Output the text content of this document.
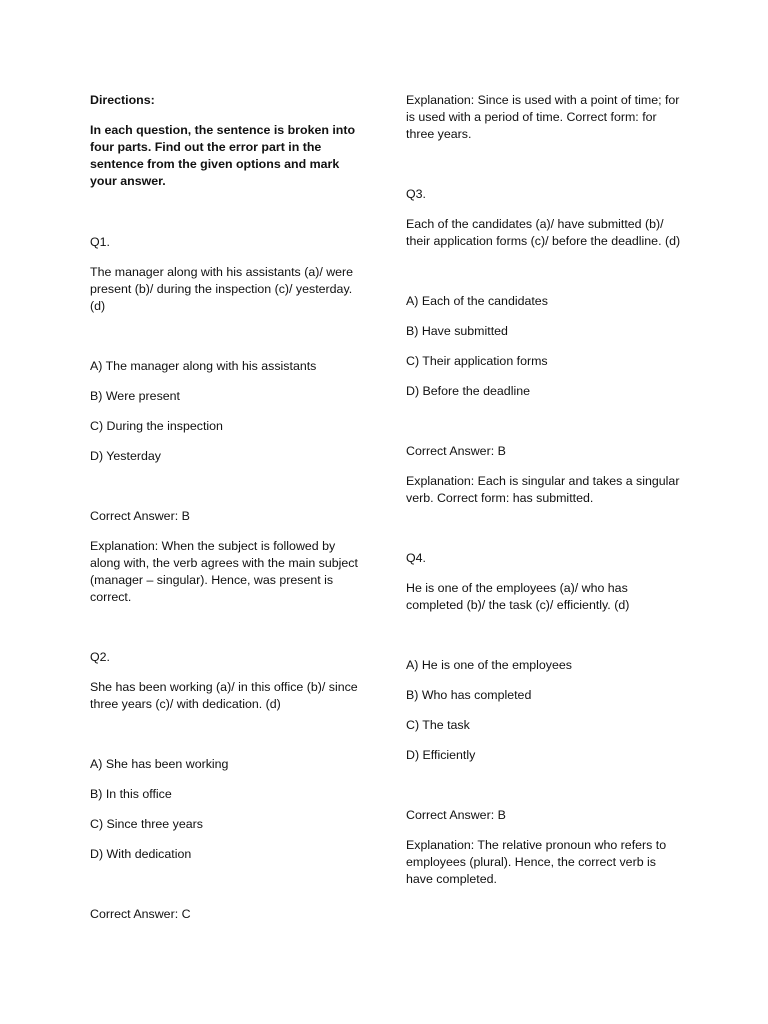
Directions:

In each question, the sentence is broken into four parts. Find out the error part in the sentence from the given options and mark your answer.

Q1.

The manager along with his assistants (a)/ were present (b)/ during the inspection (c)/ yesterday. (d)

A) The manager along with his assistants

B) Were present

C) During the inspection

D) Yesterday

Correct Answer: B

Explanation: When the subject is followed by along with, the verb agrees with the main subject (manager – singular). Hence, was present is correct.

Q2.

She has been working (a)/ in this office (b)/ since three years (c)/ with dedication. (d)

A) She has been working

B) In this office

C) Since three years

D) With dedication

Correct Answer: C

Explanation: Since is used with a point of time; for is used with a period of time. Correct form: for three years.

Q3.

Each of the candidates (a)/ have submitted (b)/ their application forms (c)/ before the deadline. (d)

A) Each of the candidates

B) Have submitted

C) Their application forms

D) Before the deadline

Correct Answer: B

Explanation: Each is singular and takes a singular verb. Correct form: has submitted.

Q4.

He is one of the employees (a)/ who has completed (b)/ the task (c)/ efficiently. (d)

A) He is one of the employees

B) Who has completed

C) The task

D) Efficiently

Correct Answer: B

Explanation: The relative pronoun who refers to employees (plural). Hence, the correct verb is have completed.
